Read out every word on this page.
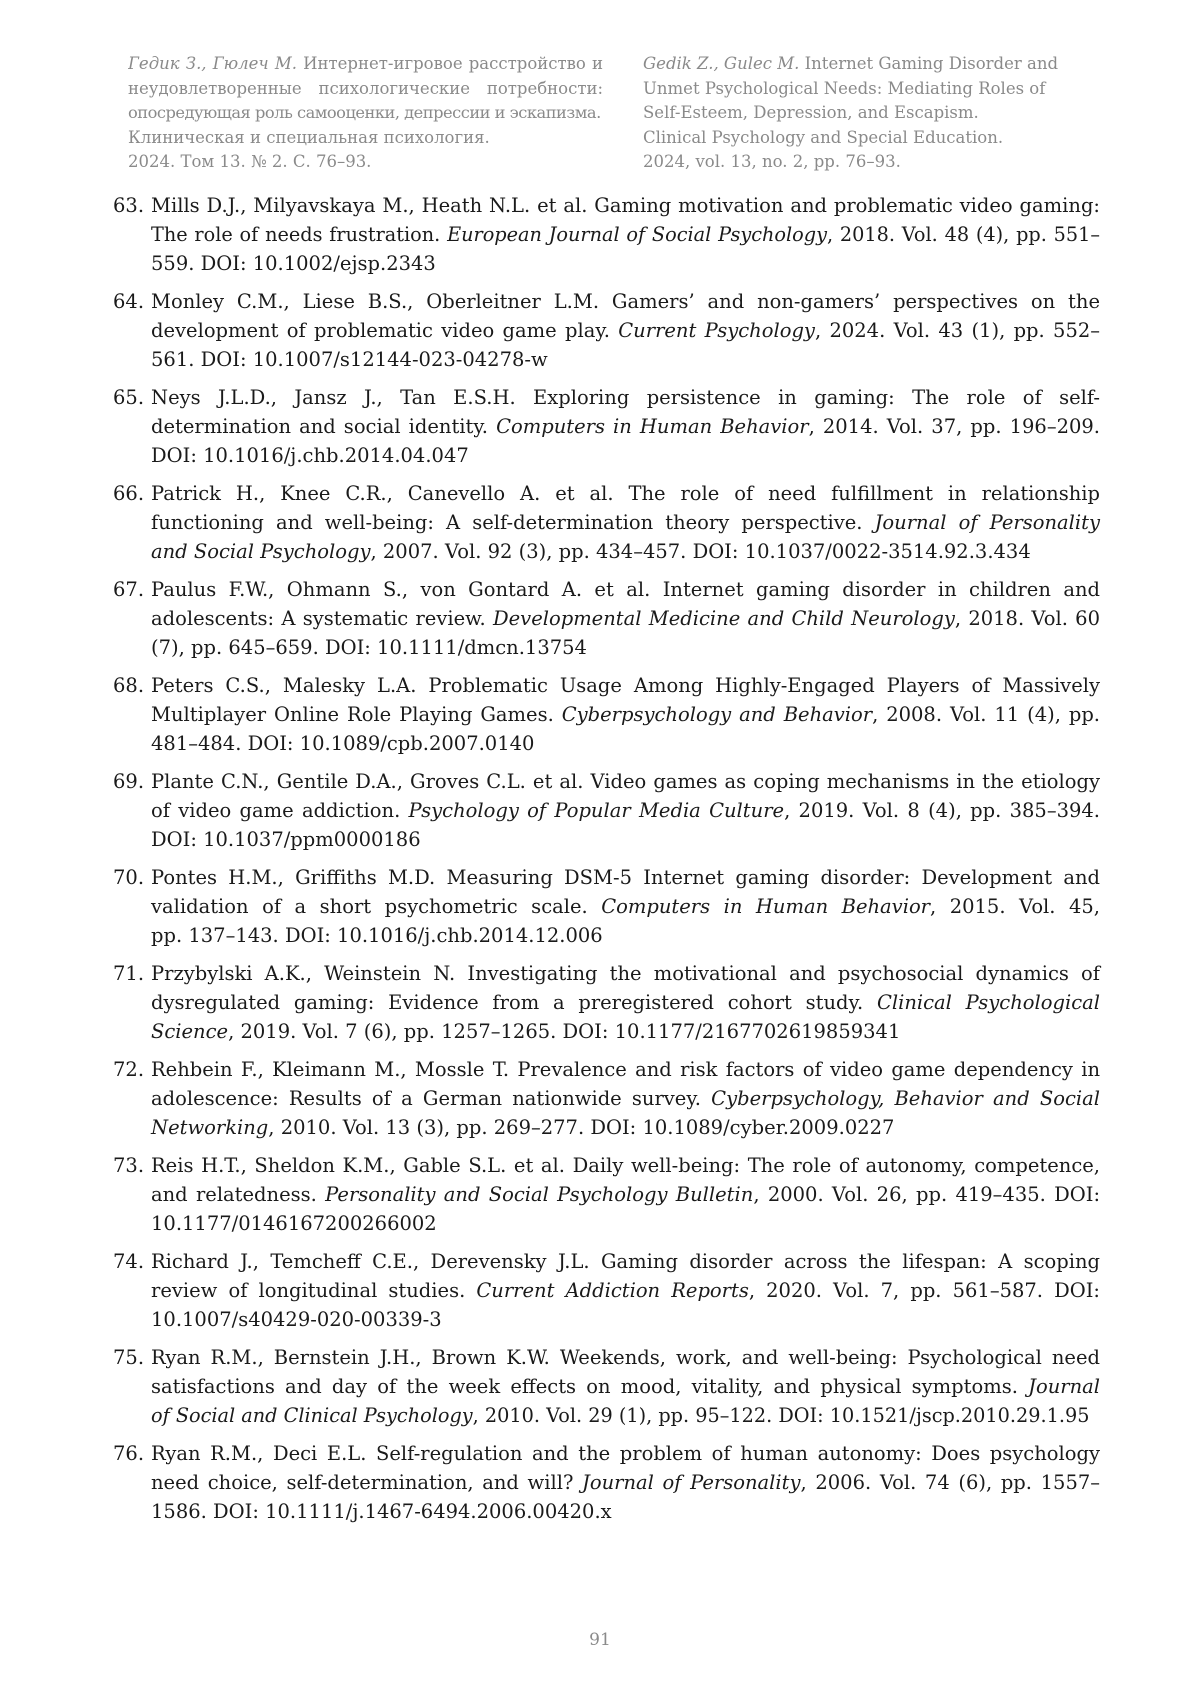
Гедик З., Гюлеч М. Интернет-игровое расстройство и
неудовлетворенные психологические потребности:
опосредующая роль самооценки, депрессии и эскапизма.
Клиническая и специальная психология.
2024. Том 13. № 2. С. 76–93.
Gedik Z., Gulec M. Internet Gaming Disorder and
Unmet Psychological Needs: Mediating Roles of
Self-Esteem, Depression, and Escapism.
Clinical Psychology and Special Education.
2024, vol. 13, no. 2, pp. 76–93.
63. Mills D.J., Milyavskaya M., Heath N.L. et al. Gaming motivation and problematic video gaming:
The role of needs frustration. European Journal of Social Psychology, 2018. Vol. 48 (4), pp. 551–
559. DOI: 10.1002/ejsp.2343
64. Monley C.M., Liese B.S., Oberleitner L.M. Gamers’ and non-gamers’ perspectives on the
development of problematic video game play. Current Psychology, 2024. Vol. 43 (1), pp. 552–
561. DOI: 10.1007/s12144-023-04278-w
65. Neys J.L.D., Jansz J., Tan E.S.H. Exploring persistence in gaming: The role of self-
determination and social identity. Computers in Human Behavior, 2014. Vol. 37, pp. 196–209.
DOI: 10.1016/j.chb.2014.04.047
66. Patrick H., Knee C.R., Canevello A. et al. The role of need fulfillment in relationship
functioning and well-being: A self-determination theory perspective. Journal of Personality
and Social Psychology, 2007. Vol. 92 (3), pp. 434–457. DOI: 10.1037/0022-3514.92.3.434
67. Paulus F.W., Ohmann S., von Gontard A. et al. Internet gaming disorder in children and
adolescents: A systematic review. Developmental Medicine and Child Neurology, 2018. Vol. 60
(7), pp. 645–659. DOI: 10.1111/dmcn.13754
68. Peters C.S., Malesky L.A. Problematic Usage Among Highly-Engaged Players of Massively
Multiplayer Online Role Playing Games. Cyberpsychology and Behavior, 2008. Vol. 11 (4), pp.
481–484. DOI: 10.1089/cpb.2007.0140
69. Plante C.N., Gentile D.A., Groves C.L. et al. Video games as coping mechanisms in the etiology
of video game addiction. Psychology of Popular Media Culture, 2019. Vol. 8 (4), pp. 385–394.
DOI: 10.1037/ppm0000186
70. Pontes H.M., Griffiths M.D. Measuring DSM-5 Internet gaming disorder: Development and
validation of a short psychometric scale. Computers in Human Behavior, 2015. Vol. 45,
pp. 137–143. DOI: 10.1016/j.chb.2014.12.006
71. Przybylski A.K., Weinstein N. Investigating the motivational and psychosocial dynamics of
dysregulated gaming: Evidence from a preregistered cohort study. Clinical Psychological
Science, 2019. Vol. 7 (6), pp. 1257–1265. DOI: 10.1177/2167702619859341
72. Rehbein F., Kleimann M., Mossle T. Prevalence and risk factors of video game dependency in
adolescence: Results of a German nationwide survey. Cyberpsychology, Behavior and Social
Networking, 2010. Vol. 13 (3), pp. 269–277. DOI: 10.1089/cyber.2009.0227
73. Reis H.T., Sheldon K.M., Gable S.L. et al. Daily well-being: The role of autonomy, competence,
and relatedness. Personality and Social Psychology Bulletin, 2000. Vol. 26, pp. 419–435. DOI:
10.1177/0146167200266002
74. Richard J., Temcheff C.E., Derevensky J.L. Gaming disorder across the lifespan: A scoping
review of longitudinal studies. Current Addiction Reports, 2020. Vol. 7, pp. 561–587. DOI:
10.1007/s40429-020-00339-3
75. Ryan R.M., Bernstein J.H., Brown K.W. Weekends, work, and well-being: Psychological need
satisfactions and day of the week effects on mood, vitality, and physical symptoms. Journal
of Social and Clinical Psychology, 2010. Vol. 29 (1), pp. 95–122. DOI: 10.1521/jscp.2010.29.1.95
76. Ryan R.M., Deci E.L. Self-regulation and the problem of human autonomy: Does psychology
need choice, self-determination, and will? Journal of Personality, 2006. Vol. 74 (6), pp. 1557–
1586. DOI: 10.1111/j.1467-6494.2006.00420.x
91
